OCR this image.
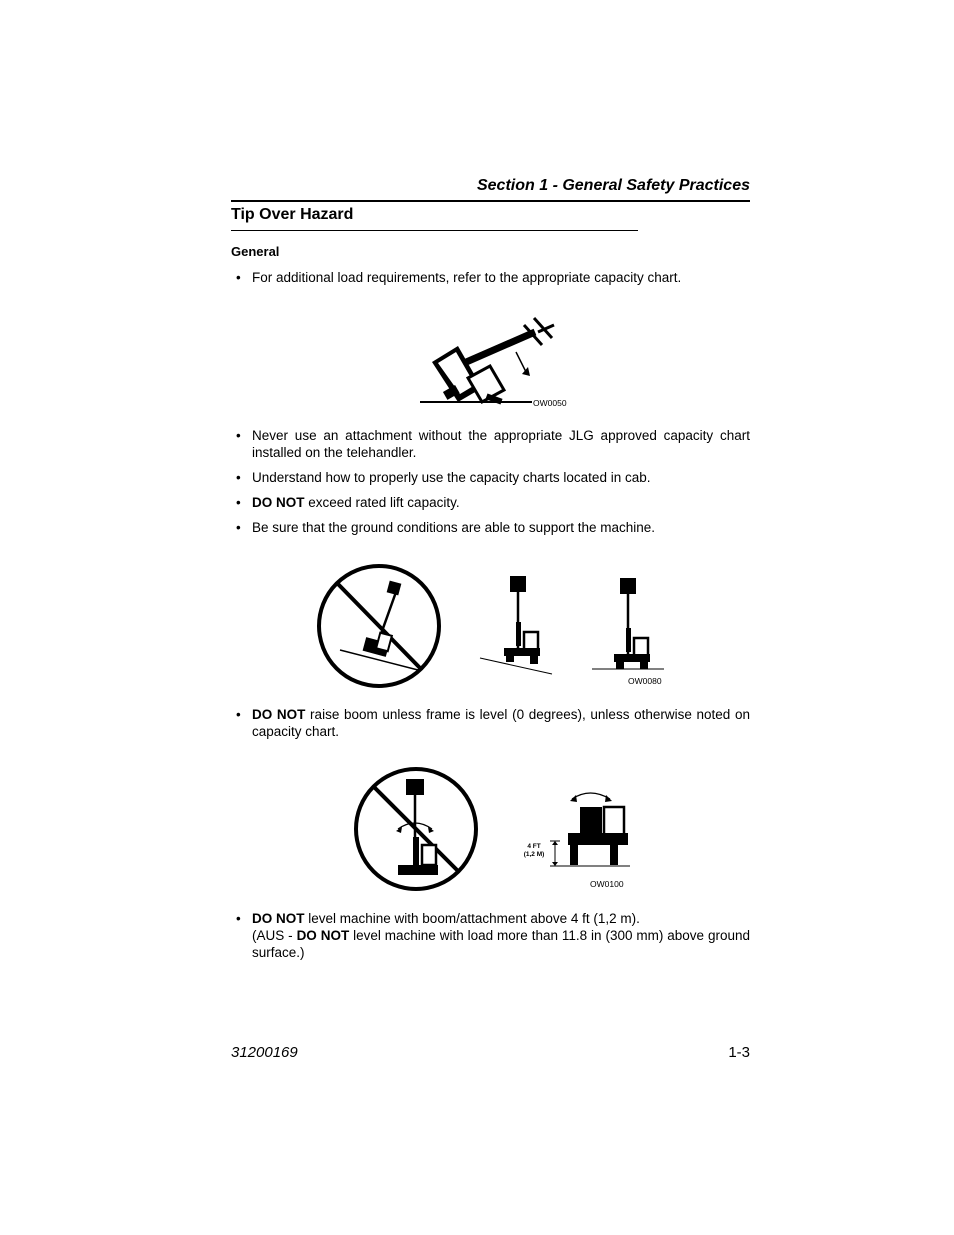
Section 1 - General Safety Practices
Tip Over Hazard
General
• For additional load requirements, refer to the appropriate capacity chart.
OW0050
• Never use an attachment without the appropriate JLG approved capacity chart installed on the telehandler.
• Understand how to properly use the capacity charts located in cab.
• DO NOT exceed rated lift capacity.
• Be sure that the ground conditions are able to support the machine.
OW0080
• DO NOT raise boom unless frame is level (0 degrees), unless otherwise noted on capacity chart.
4 FT
(1,2 M)
OW0100
• DO NOT level machine with boom/attachment above 4 ft (1,2 m).
(AUS - DO NOT level machine with load more than 11.8 in (300 mm) above ground surface.)
31200169	1-3
